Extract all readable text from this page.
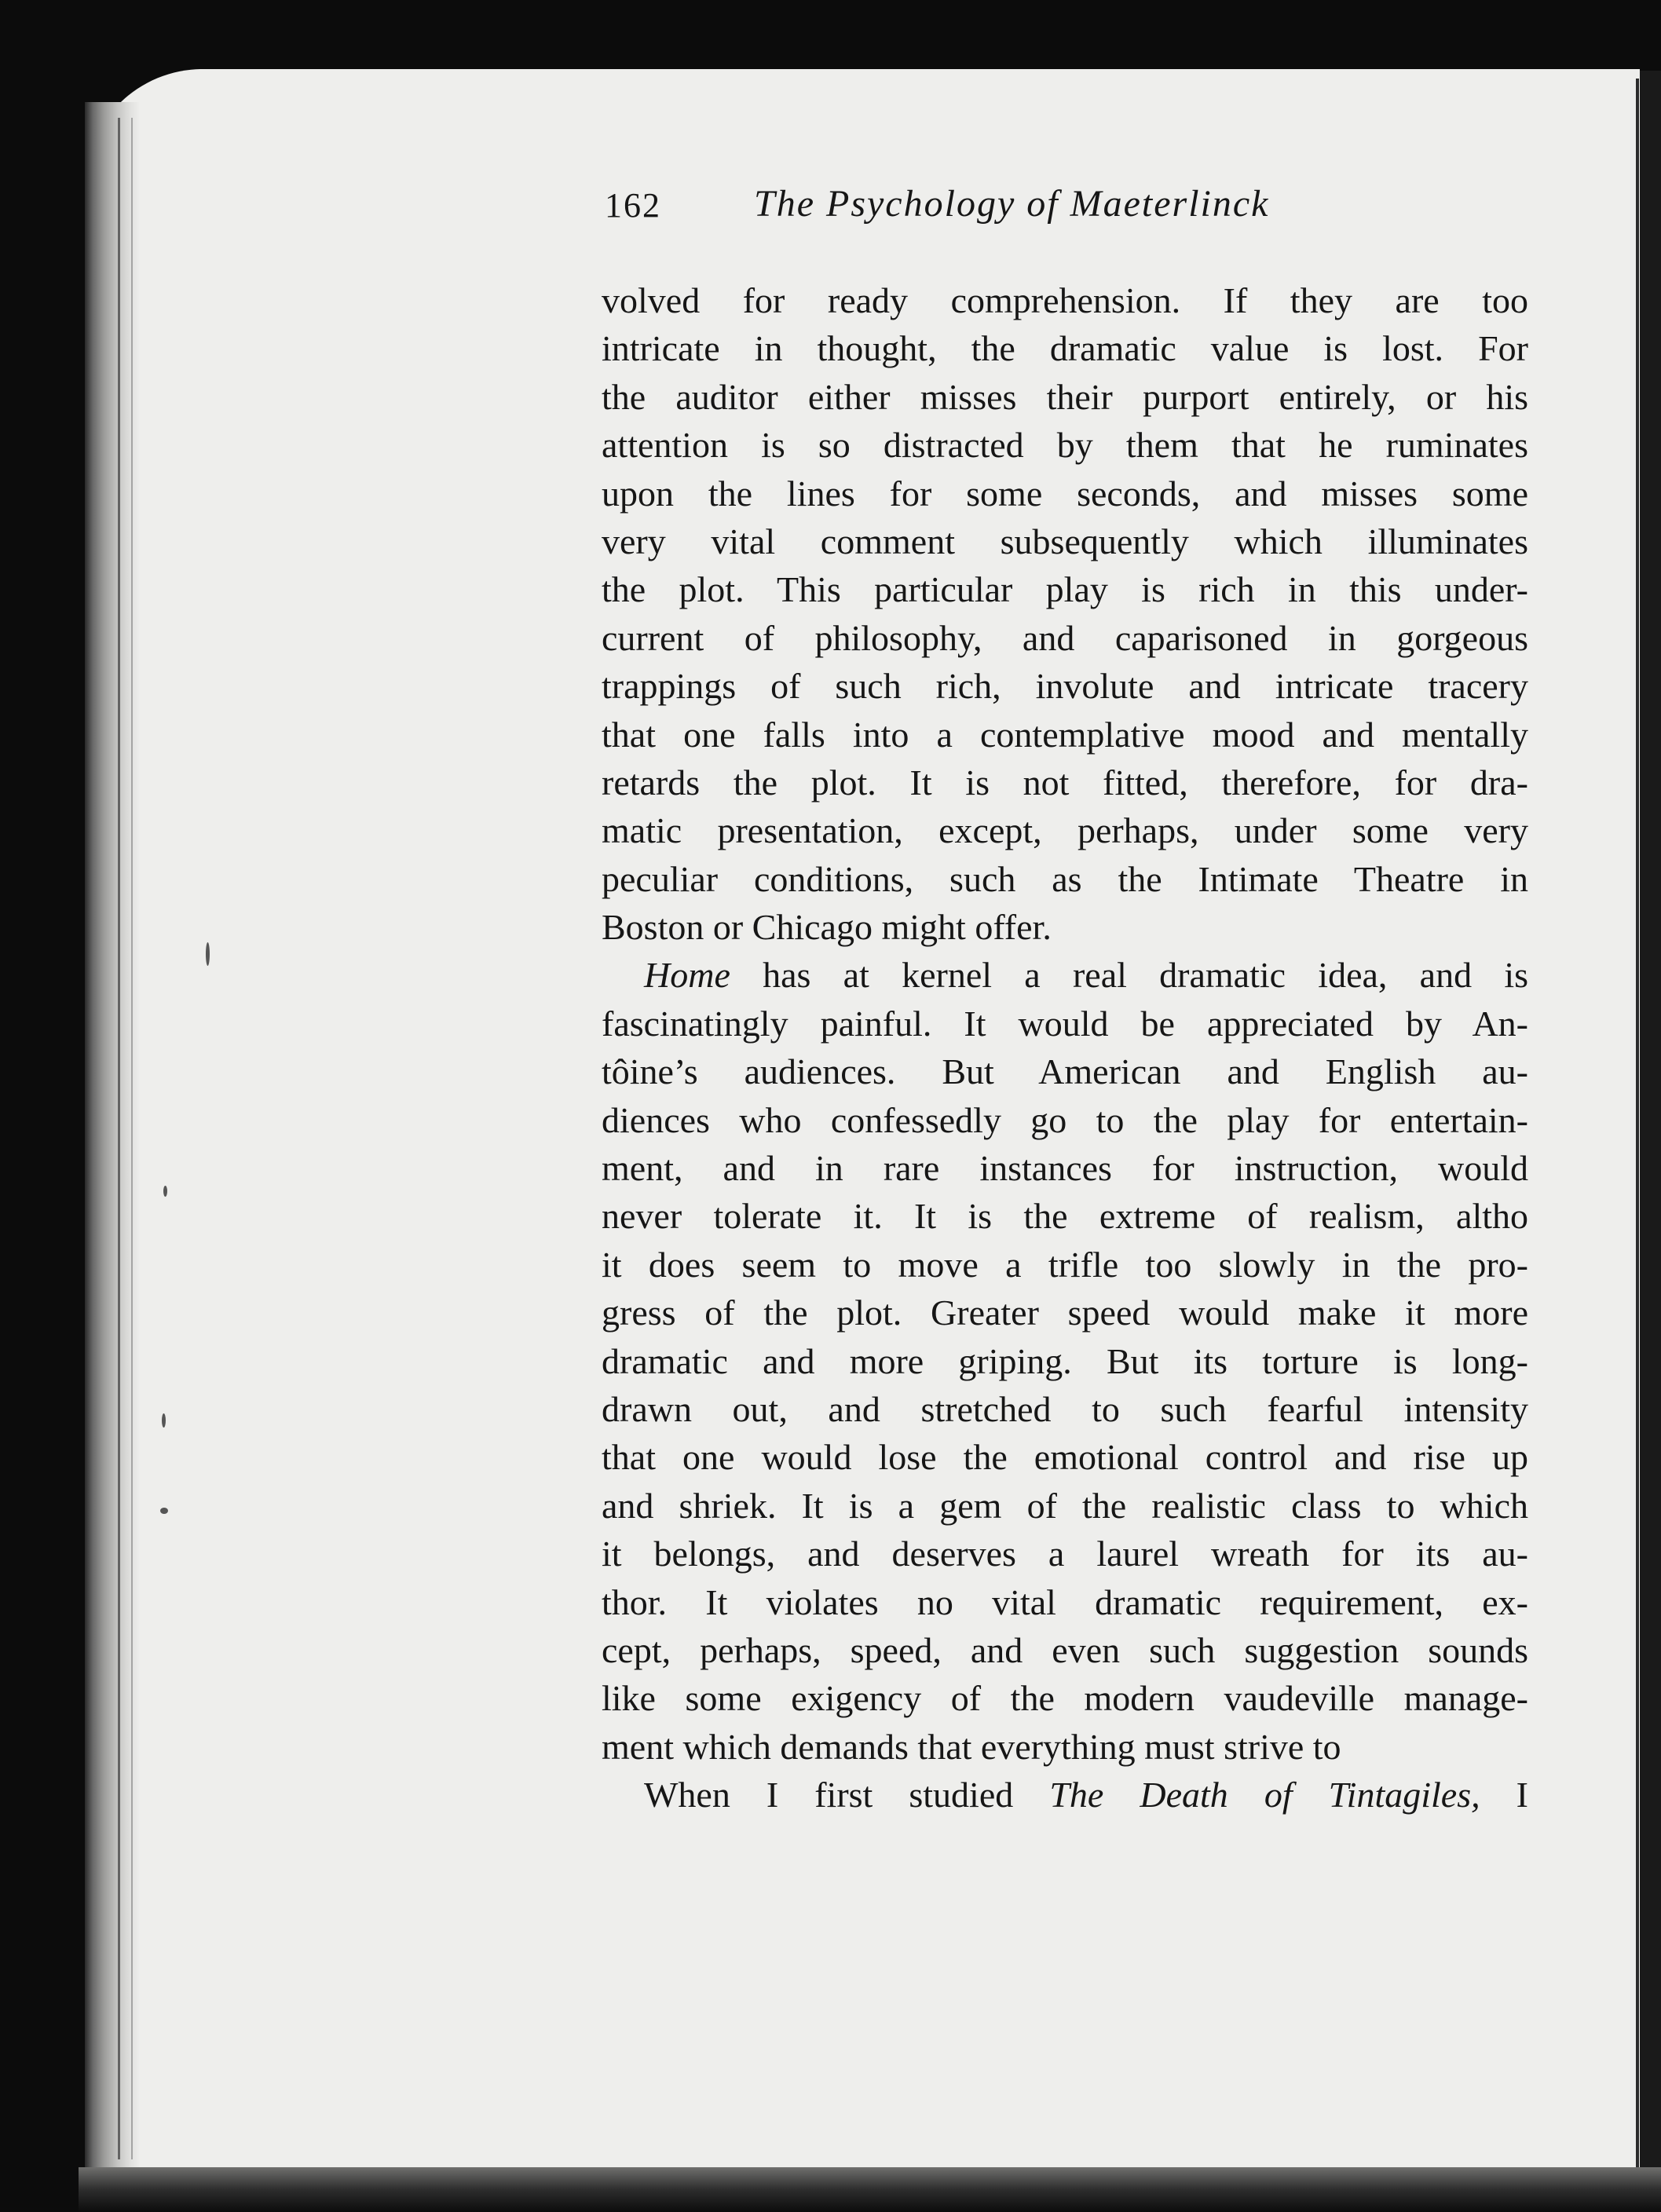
162 The Psychology of Maeterlinck
volved for ready comprehension. If they are too
intricate in thought, the dramatic value is lost. For
the auditor either misses their purport entirely, or his
attention is so distracted by them that he ruminates
upon the lines for some seconds, and misses some
very vital comment subsequently which illuminates
the plot. This particular play is rich in this under-
current of philosophy, and caparisoned in gorgeous
trappings of such rich, involute and intricate tracery
that one falls into a contemplative mood and mentally
retards the plot. It is not fitted, therefore, for dra-
matic presentation, except, perhaps, under some very
peculiar conditions, such as the Intimate Theatre in
Boston or Chicago might offer.
Home has at kernel a real dramatic idea, and is
fascinatingly painful. It would be appreciated by An-
tôine’s audiences. But American and English au-
diences who confessedly go to the play for entertain-
ment, and in rare instances for instruction, would
never tolerate it. It is the extreme of realism, altho
it does seem to move a trifle too slowly in the pro-
gress of the plot. Greater speed would make it more
dramatic and more griping. But its torture is long-
drawn out, and stretched to such fearful intensity
that one would lose the emotional control and rise up
and shriek. It is a gem of the realistic class to which
it belongs, and deserves a laurel wreath for its au-
thor. It violates no vital dramatic requirement, ex-
cept, perhaps, speed, and even such suggestion sounds
like some exigency of the modern vaudeville manage-
ment which demands that everything must strive to
When I first studied The Death of Tintagiles, I
